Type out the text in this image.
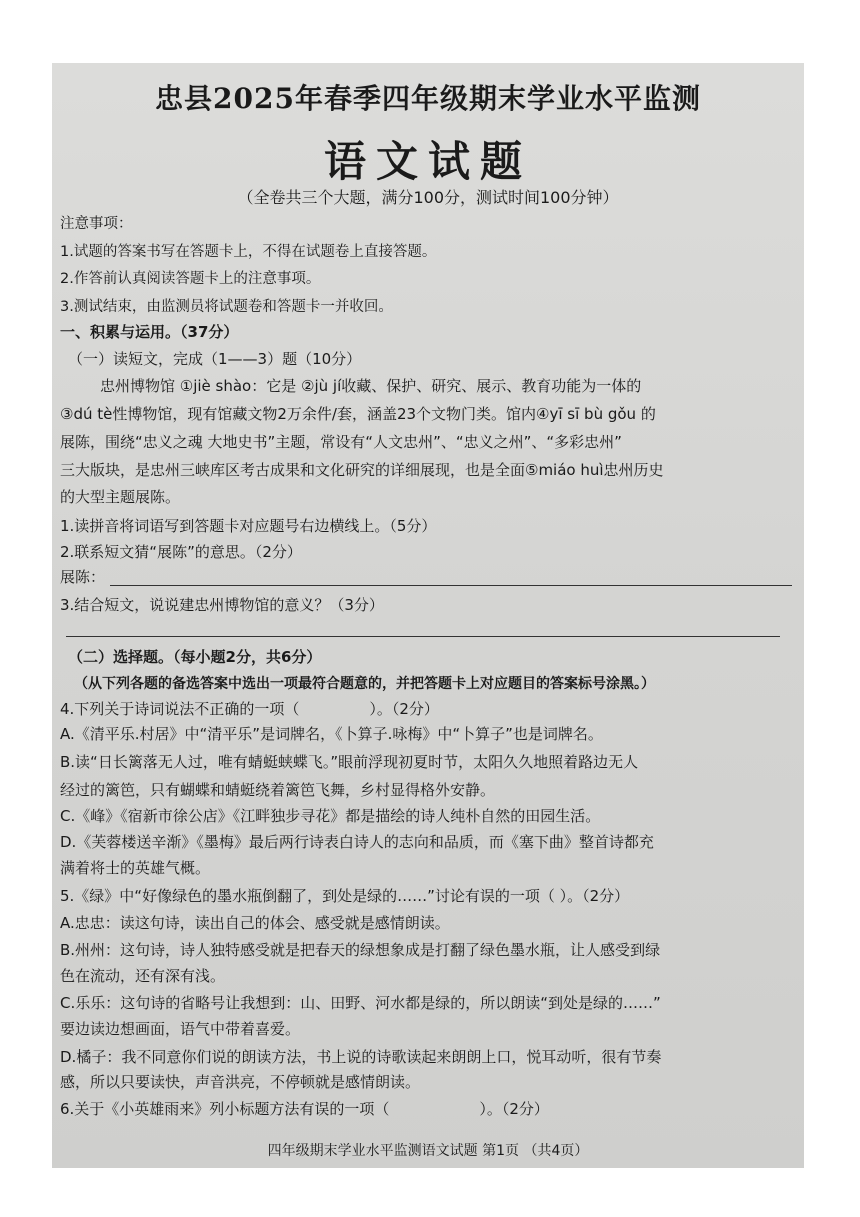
忠县2025年春季四年级期末学业水平监测
语文试题
（全卷共三个大题，满分100分，测试时间100分钟）
注意事项：
1.试题的答案书写在答题卡上，不得在试题卷上直接答题。
2.作答前认真阅读答题卡上的注意事项。
3.测试结束，由监测员将试题卷和答题卡一并收回。
一、积累与运用。（37分）
（一）读短文，完成（1——3）题（10分）
忠州博物馆 ①jiè shào：它是 ②jù jí收藏、保护、研究、展示、教育功能为一体的
③dú tè性博物馆，现有馆藏文物2万余件/套，涵盖23个文物门类。馆内④yī sī bù gǒu 的
展陈，围绕“忠义之魂 大地史书”主题，常设有“人文忠州”、“忠义之州”、“多彩忠州”
三大版块，是忠州三峡库区考古成果和文化研究的详细展现，也是全面⑤miáo huì忠州历史
的大型主题展陈。
1.读拼音将词语写到答题卡对应题号右边横线上。（5分）
2.联系短文猜“展陈”的意思。（2分）
展陈：
3.结合短文，说说建忠州博物馆的意义？（3分）
（二）选择题。（每小题2分，共6分）
（从下列各题的备选答案中选出一项最符合题意的，并把答题卡上对应题目的答案标号涂黑。）
4.下列关于诗词说法不正确的一项（	）。（2分）
A.《清平乐.村居》中“清平乐”是词牌名，《卜算子.咏梅》中“卜算子”也是词牌名。
B.读“日长篱落无人过，唯有蜻蜓蛱蝶飞。”眼前浮现初夏时节，太阳久久地照着路边无人
经过的篱笆，只有蝴蝶和蜻蜓绕着篱笆飞舞，乡村显得格外安静。
C.《峰》《宿新市徐公店》《江畔独步寻花》都是描绘的诗人纯朴自然的田园生活。
D.《芙蓉楼送辛渐》《墨梅》最后两行诗表白诗人的志向和品质，而《塞下曲》整首诗都充
满着将士的英雄气概。
5.《绿》中“好像绿色的墨水瓶倒翻了，到处是绿的……”讨论有误的一项（ ）。（2分）
A.忠忠：读这句诗，读出自己的体会、感受就是感情朗读。
B.州州：这句诗，诗人独特感受就是把春天的绿想象成是打翻了绿色墨水瓶，让人感受到绿
色在流动，还有深有浅。
C.乐乐：这句诗的省略号让我想到：山、田野、河水都是绿的，所以朗读“到处是绿的……”
要边读边想画面，语气中带着喜爱。
D.橘子：我不同意你们说的朗读方法，书上说的诗歌读起来朗朗上口，悦耳动听，很有节奏
感，所以只要读快，声音洪亮，不停顿就是感情朗读。
6.关于《小英雄雨来》列小标题方法有误的一项（	）。（2分）
四年级期末学业水平监测语文试题 第1页 （共4页）
